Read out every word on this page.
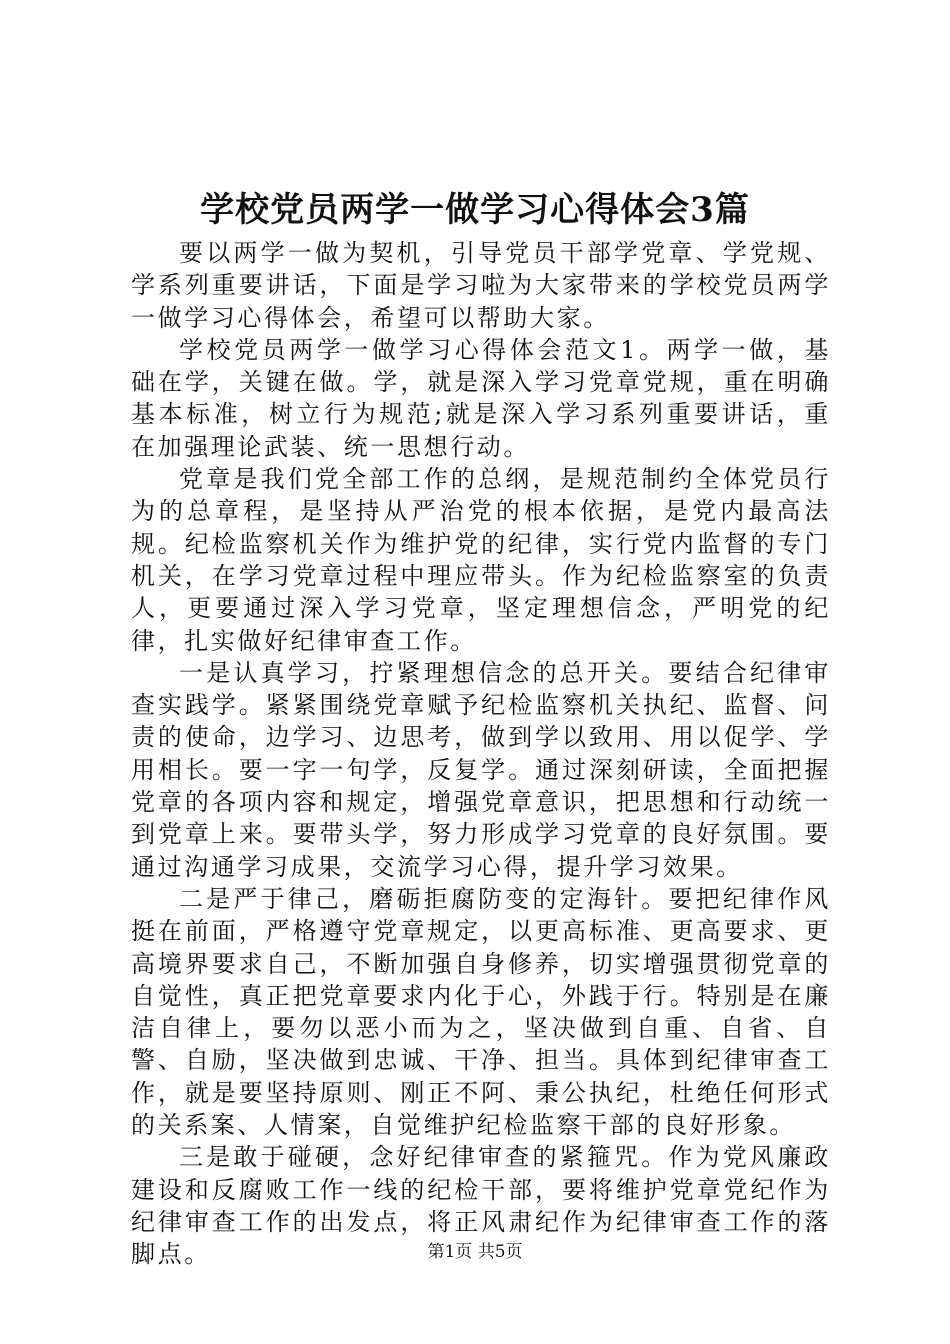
学校党员两学一做学习心得体会3篇

要以两学一做为契机，引导党员干部学党章、学党规、学系列重要讲话，下面是学习啦为大家带来的学校党员两学一做学习心得体会，希望可以帮助大家。

学校党员两学一做学习心得体会范文1。两学一做，基础在学，关键在做。学，就是深入学习党章党规，重在明确基本标准，树立行为规范;就是深入学习系列重要讲话，重在加强理论武装、统一思想行动。

党章是我们党全部工作的总纲，是规范制约全体党员行为的总章程，是坚持从严治党的根本依据，是党内最高法规。纪检监察机关作为维护党的纪律，实行党内监督的专门机关，在学习党章过程中理应带头。作为纪检监察室的负责人，更要通过深入学习党章，坚定理想信念，严明党的纪律，扎实做好纪律审查工作。

一是认真学习，拧紧理想信念的总开关。要结合纪律审查实践学。紧紧围绕党章赋予纪检监察机关执纪、监督、问责的使命，边学习、边思考，做到学以致用、用以促学、学用相长。要一字一句学，反复学。通过深刻研读，全面把握党章的各项内容和规定，增强党章意识，把思想和行动统一到党章上来。要带头学，努力形成学习党章的良好氛围。要通过沟通学习成果，交流学习心得，提升学习效果。

二是严于律己，磨砺拒腐防变的定海针。要把纪律作风挺在前面，严格遵守党章规定，以更高标准、更高要求、更高境界要求自己，不断加强自身修养，切实增强贯彻党章的自觉性，真正把党章要求内化于心，外践于行。特别是在廉洁自律上，要勿以恶小而为之，坚决做到自重、自省、自警、自励，坚决做到忠诚、干净、担当。具体到纪律审查工作，就是要坚持原则、刚正不阿、秉公执纪，杜绝任何形式的关系案、人情案，自觉维护纪检监察干部的良好形象。

三是敢于碰硬，念好纪律审查的紧箍咒。作为党风廉政建设和反腐败工作一线的纪检干部，要将维护党章党纪作为纪律审查工作的出发点，将正风肃纪作为纪律审查工作的落脚点。	第1页 共5页
